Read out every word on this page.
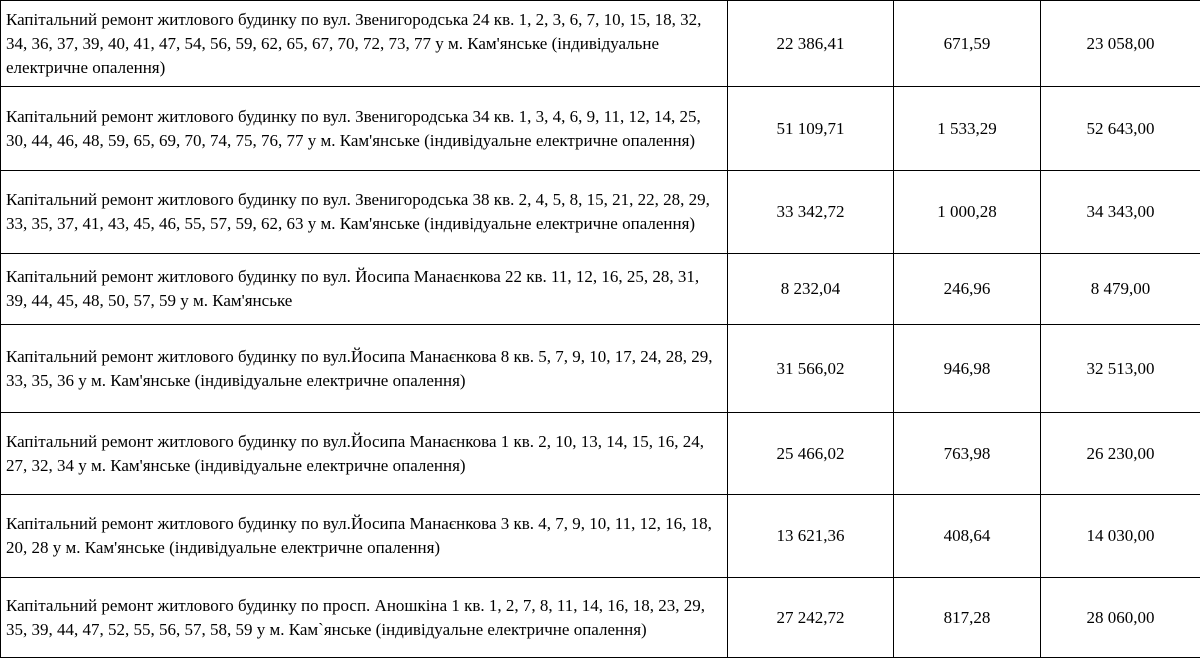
Капітальний ремонт житлового будинку по вул. Звенигородська 24 кв. 1, 2, 3, 6, 7, 10, 15, 18, 32, 34, 36, 37, 39, 40, 41, 47, 54, 56, 59, 62, 65, 67, 70, 72, 73, 77 у м. Кам'янське (індивідуальне електричне опалення)	22 386,41	671,59	23 058,00
Капітальний ремонт житлового будинку по вул. Звенигородська 34 кв. 1, 3, 4, 6, 9, 11, 12, 14, 25, 30, 44, 46, 48, 59, 65, 69, 70, 74, 75, 76, 77 у м. Кам'янське (індивідуальне електричне опалення)	51 109,71	1 533,29	52 643,00
Капітальний ремонт житлового будинку по вул. Звенигородська 38 кв. 2, 4, 5, 8, 15, 21, 22, 28, 29, 33, 35, 37, 41, 43, 45, 46, 55, 57, 59, 62, 63 у м. Кам'янське (індивідуальне електричне опалення)	33 342,72	1 000,28	34 343,00
Капітальний ремонт житлового будинку по вул. Йосипа Манаєнкова 22 кв. 11, 12, 16, 25, 28, 31, 39, 44, 45, 48, 50, 57, 59 у м. Кам'янське	8 232,04	246,96	8 479,00
Капітальний ремонт житлового будинку по вул.Йосипа Манаєнкова 8 кв. 5, 7, 9, 10, 17, 24, 28, 29, 33, 35, 36 у м. Кам'янське (індивідуальне електричне опалення)	31 566,02	946,98	32 513,00
Капітальний ремонт житлового будинку по вул.Йосипа Манаєнкова 1 кв. 2, 10, 13, 14, 15, 16, 24, 27, 32, 34 у м. Кам'янське (індивідуальне електричне опалення)	25 466,02	763,98	26 230,00
Капітальний ремонт житлового будинку по вул.Йосипа Манаєнкова 3 кв. 4, 7, 9, 10, 11, 12, 16, 18, 20, 28 у м. Кам'янське (індивідуальне електричне опалення)	13 621,36	408,64	14 030,00
Капітальний ремонт житлового будинку по просп. Аношкіна 1 кв. 1, 2, 7, 8, 11, 14, 16, 18, 23, 29, 35, 39, 44, 47, 52, 55, 56, 57, 58, 59 у м. Кам`янське (індивідуальне електричне опалення)	27 242,72	817,28	28 060,00
